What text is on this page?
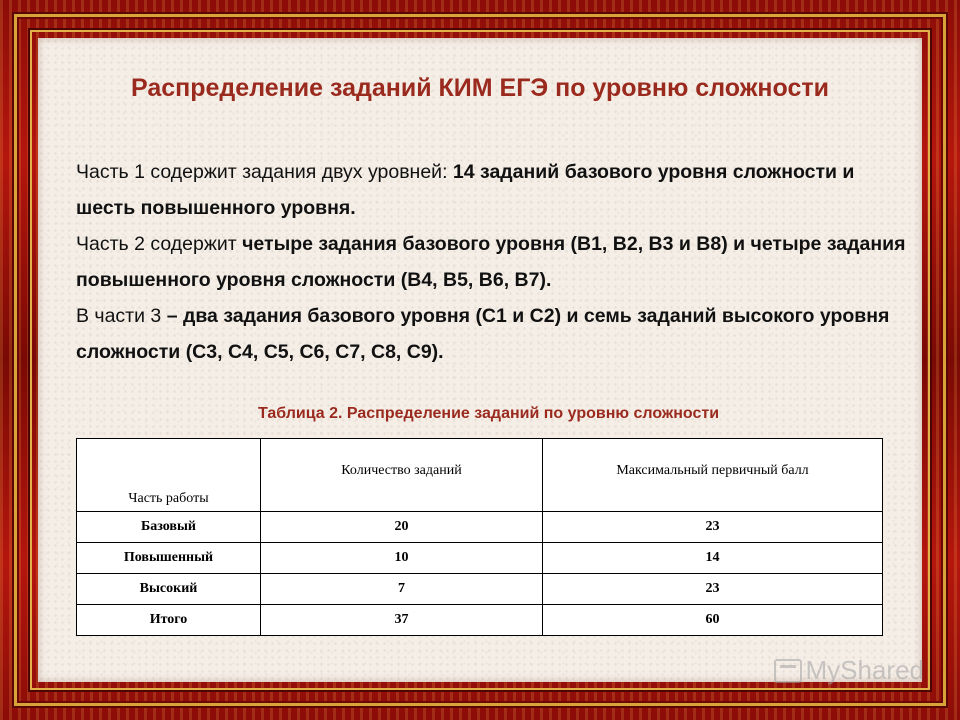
Распределение заданий КИМ ЕГЭ по уровню сложности

Часть 1 содержит задания двух уровней: 14 заданий базового уровня сложности и шесть повышенного уровня.

Часть 2 содержит четыре задания базового уровня (В1, В2, В3 и В8) и четыре задания повышенного уровня сложности (В4, В5, В6, В7).

В части 3 – два задания базового уровня (С1 и С2) и семь заданий высокого уровня сложности (С3, С4, С5, С6, С7, С8, С9).

Таблица 2. Распределение заданий по уровню сложности

Часть работы	Количество заданий	Максимальный первичный балл
Базовый	20	23
Повышенный	10	14
Высокий	7	23
Итого	37	60
MyShared
